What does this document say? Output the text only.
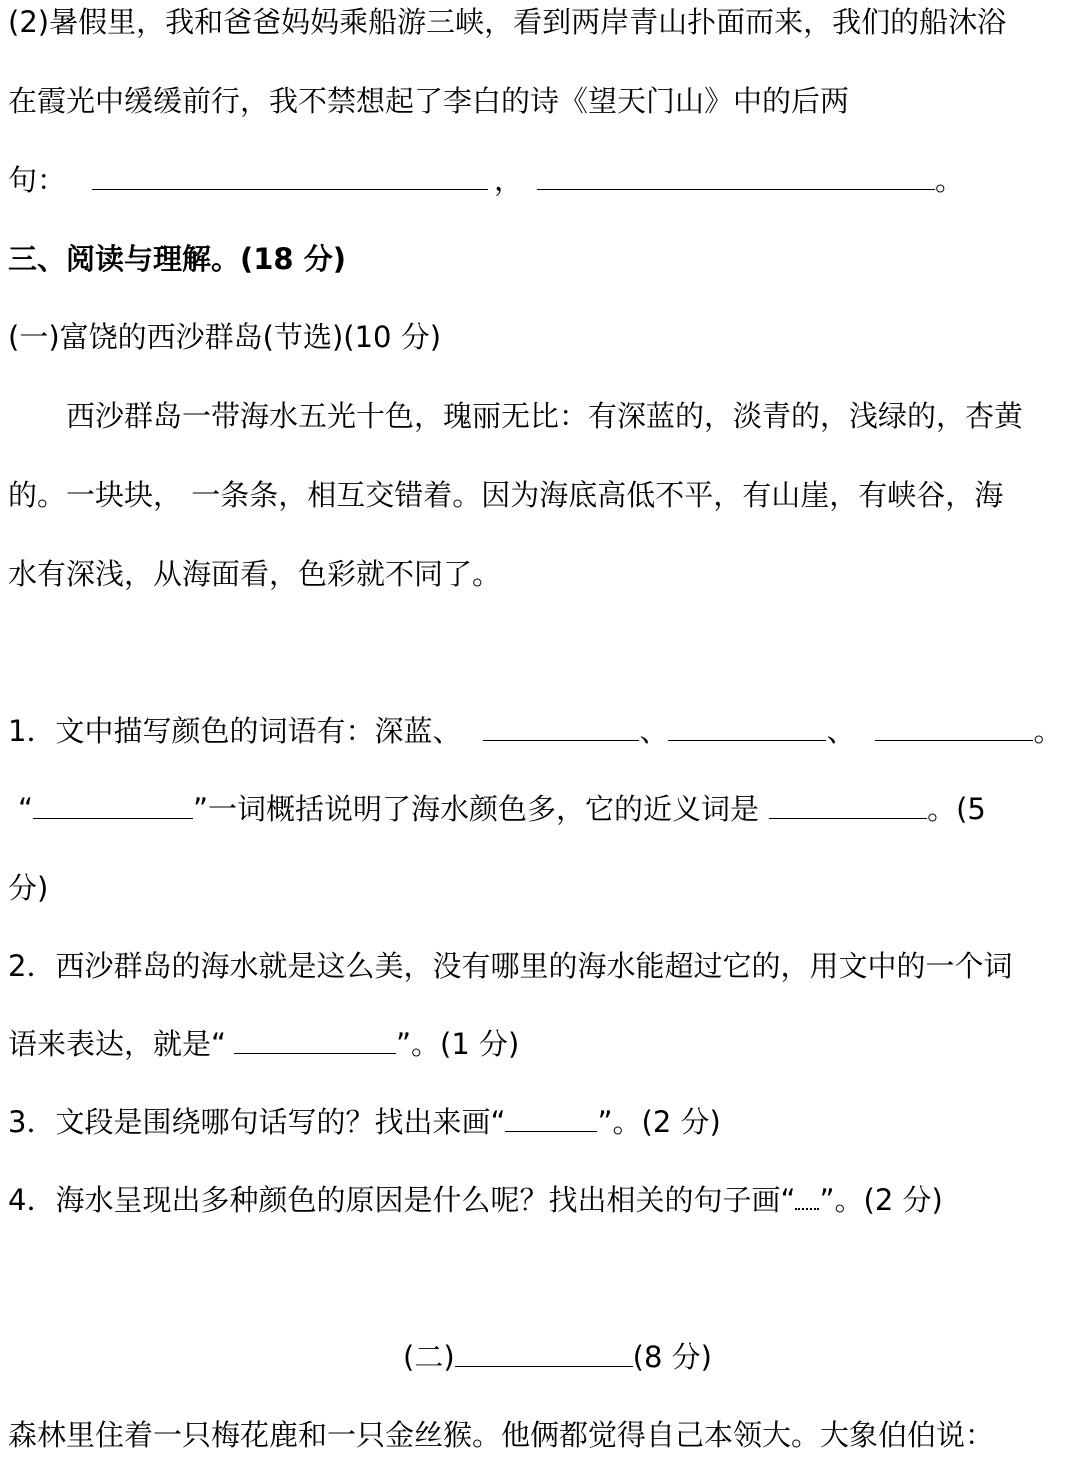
(2)暑假里，我和爸爸妈妈乘船游三峡，看到两岸青山扑面而来，我们的船沐浴
在霞光中缓缓前行，我不禁想起了李白的诗《望天门山》中的后两
句：	，	。
三、阅读与理解。(18 分)
(一)富饶的西沙群岛(节选)(10 分)
西沙群岛一带海水五光十色，瑰丽无比：有深蓝的，淡青的，浅绿的，杏黄
的。一块块， 一条条，相互交错着。因为海底高低不平，有山崖，有峡谷，海
水有深浅，从海面看，色彩就不同了。
1．文中描写颜色的词语有：深蓝、	、	、	。
“	”一词概括说明了海水颜色多，它的近义词是	。(5
分)
2．西沙群岛的海水就是这么美，没有哪里的海水能超过它的，用文中的一个词
语来表达，就是“	”。(1 分)
3．文段是围绕哪句话写的？找出来画“	”。(2 分)
4．海水呈现出多种颜色的原因是什么呢？找出相关的句子画“ ”。(2 分)
(二)	(8 分)
森林里住着一只梅花鹿和一只金丝猴。他俩都觉得自己本领大。大象伯伯说：
